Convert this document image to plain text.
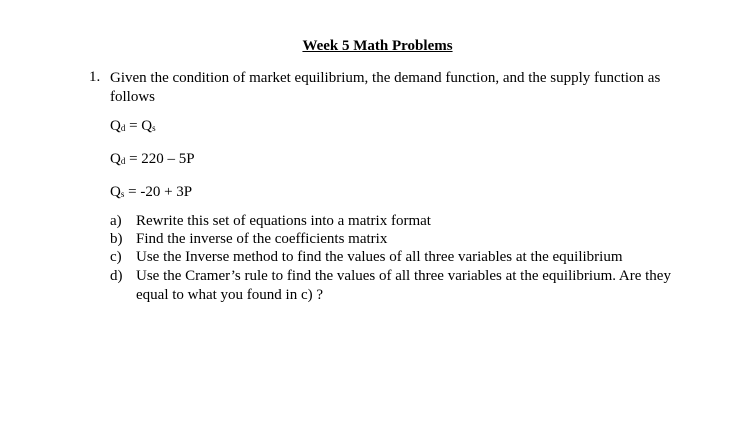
Week 5 Math Problems
1. Given the condition of market equilibrium, the demand function, and the supply function as follows
$Q_d = Q_s$
$Q_d = 220 - 5P$
$Q_s = -20 + 3P$
a) Rewrite this set of equations into a matrix format
b) Find the inverse of the coefficients matrix
c) Use the Inverse method to find the values of all three variables at the equilibrium
d) Use the Cramer’s rule to find the values of all three variables at the equilibrium. Are they equal to what you found in c) ?
